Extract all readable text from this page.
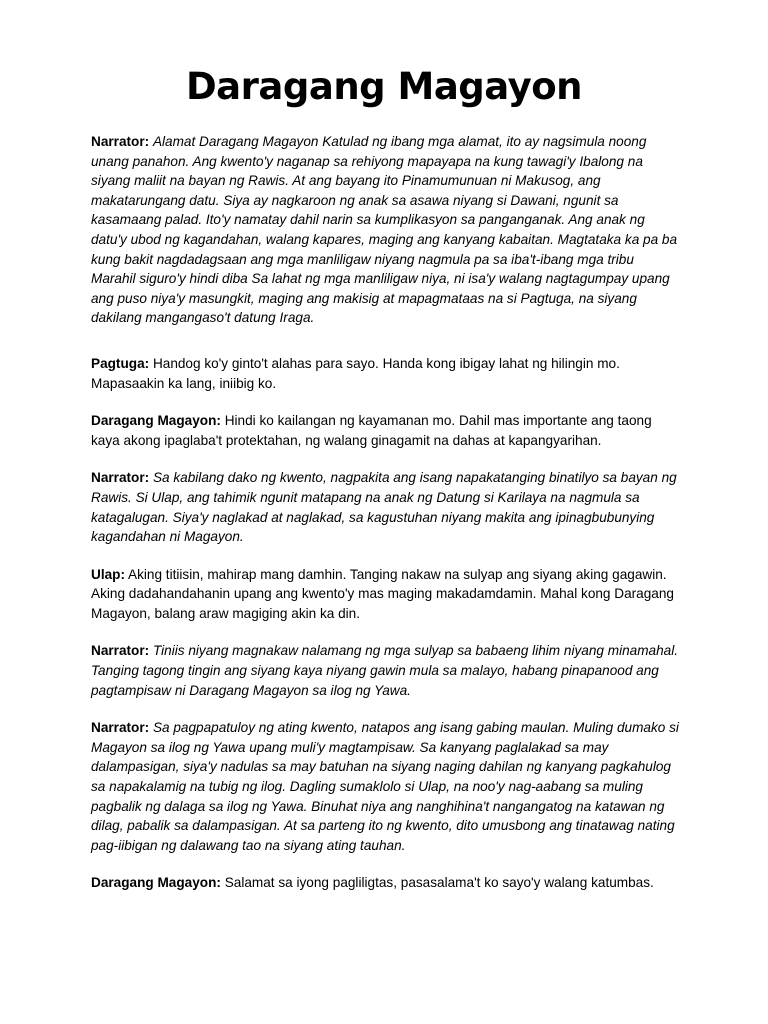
Daragang Magayon

Narrator: Alamat Daragang Magayon Katulad ng ibang mga alamat, ito ay nagsimula noong unang panahon. Ang kwento'y naganap sa rehiyong mapayapa na kung tawagi'y Ibalong na siyang maliit na bayan ng Rawis. At ang bayang ito Pinamumunuan ni Makusog, ang makatarungang datu. Siya ay nagkaroon ng anak sa asawa niyang si Dawani, ngunit sa kasamaang palad. Ito'y namatay dahil narin sa kumplikasyon sa panganganak. Ang anak ng datu'y ubod ng kagandahan, walang kapares, maging ang kanyang kabaitan. Magtataka ka pa ba kung bakit nagdadagsaan ang mga manliligaw niyang nagmula pa sa iba't-ibang mga tribu Marahil siguro'y hindi diba Sa lahat ng mga manliligaw niya, ni isa'y walang nagtagumpay upang ang puso niya'y masungkit, maging ang makisig at mapagmataas na si Pagtuga, na siyang dakilang mangangaso't datung Iraga.

Pagtuga: Handog ko'y ginto't alahas para sayo. Handa kong ibigay lahat ng hilingin mo. Mapasaakin ka lang, iniibig ko.

Daragang Magayon: Hindi ko kailangan ng kayamanan mo. Dahil mas importante ang taong kaya akong ipaglaba't protektahan, ng walang ginagamit na dahas at kapangyarihan.

Narrator: Sa kabilang dako ng kwento, nagpakita ang isang napakatanging binatilyo sa bayan ng Rawis. Si Ulap, ang tahimik ngunit matapang na anak ng Datung si Karilaya na nagmula sa katagalugan. Siya'y naglakad at naglakad, sa kagustuhan niyang makita ang ipinagbubunying kagandahan ni Magayon.

Ulap: Aking titiisin, mahirap mang damhin. Tanging nakaw na sulyap ang siyang aking gagawin. Aking dadahandahanin upang ang kwento'y mas maging makadamdamin. Mahal kong Daragang Magayon, balang araw magiging akin ka din.

Narrator: Tiniis niyang magnakaw nalamang ng mga sulyap sa babaeng lihim niyang minamahal. Tanging tagong tingin ang siyang kaya niyang gawin mula sa malayo, habang pinapanood ang pagtampisaw ni Daragang Magayon sa ilog ng Yawa.

Narrator: Sa pagpapatuloy ng ating kwento, natapos ang isang gabing maulan. Muling dumako si Magayon sa ilog ng Yawa upang muli'y magtampisaw. Sa kanyang paglalakad sa may dalampasigan, siya'y nadulas sa may batuhan na siyang naging dahilan ng kanyang pagkahulog sa napakalamig na tubig ng ilog. Dagling sumaklolo si Ulap, na noo'y nag-aabang sa muling pagbalik ng dalaga sa ilog ng Yawa. Binuhat niya ang nanghihina't nangangatog na katawan ng dilag, pabalik sa dalampasigan. At sa parteng ito ng kwento, dito umusbong ang tinatawag nating pag-iibigan ng dalawang tao na siyang ating tauhan.

Daragang Magayon: Salamat sa iyong pagliligtas, pasasalama't ko sayo'y walang katumbas.
